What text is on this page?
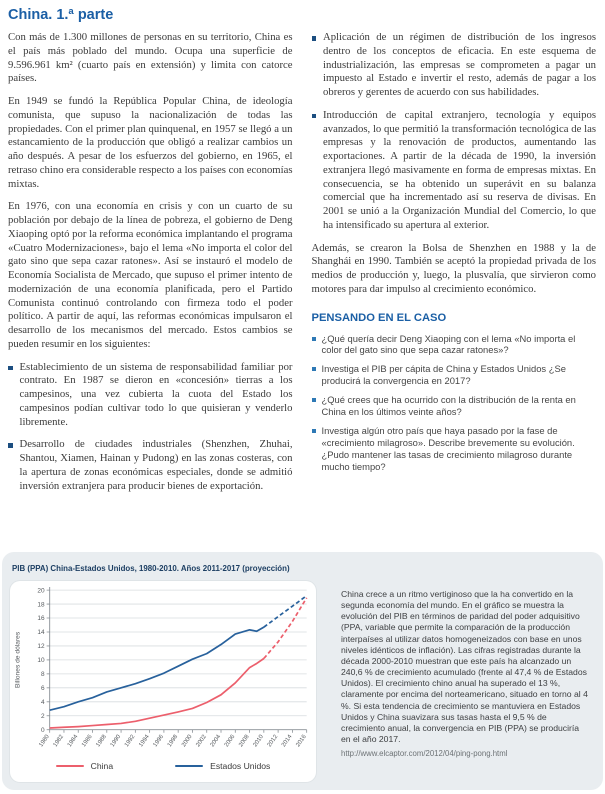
China. 1.ª parte

Con más de 1.300 millones de personas en su territorio, China es el país más poblado del mundo. Ocupa una superficie de 9.596.961 km² (cuarto país en extensión) y limita con catorce países.

En 1949 se fundó la República Popular China, de ideología comunista, que supuso la nacionalización de todas las propiedades. Con el primer plan quinquenal, en 1957 se llegó a un estancamiento de la producción que obligó a realizar cambios un año después. A pesar de los esfuerzos del gobierno, en 1965, el retraso chino era considerable respecto a los países con economías mixtas.

En 1976, con una economía en crisis y con un cuarto de su población por debajo de la línea de pobreza, el gobierno de Deng Xiaoping optó por la reforma económica implantando el programa «Cuatro Modernizaciones», bajo el lema «No importa el color del gato sino que sepa cazar ratones». Así se instauró el modelo de Economía Socialista de Mercado, que supuso el primer intento de modernización de una economía planificada, pero el Partido Comunista continuó controlando con firmeza todo el poder político. A partir de aquí, las reformas económicas impulsaron el desarrollo de los mecanismos del mercado. Estos cambios se pueden resumir en los siguientes:

Establecimiento de un sistema de responsabilidad familiar por contrato. En 1987 se dieron en «concesión» tierras a los campesinos, una vez cubierta la cuota del Estado los campesinos podían cultivar todo lo que quisieran y venderlo libremente.
Desarrollo de ciudades industriales (Shenzhen, Zhuhai, Shantou, Xiamen, Hainan y Pudong) en las zonas costeras, con la apertura de zonas económicas especiales, donde se admitió inversión extranjera para producir bienes de exportación.
Aplicación de un régimen de distribución de los ingresos dentro de los conceptos de eficacia. En este esquema de industrialización, las empresas se comprometen a pagar un impuesto al Estado e invertir el resto, además de pagar a los obreros y gerentes de acuerdo con sus habilidades.
Introducción de capital extranjero, tecnología y equipos avanzados, lo que permitió la transformación tecnológica de las empresas y la renovación de productos, aumentando las exportaciones. A partir de la década de 1990, la inversión extranjera llegó masivamente en forma de empresas mixtas. En consecuencia, se ha obtenido un superávit en su balanza comercial que ha incrementado así su reserva de divisas. En 2001 se unió a la Organización Mundial del Comercio, lo que ha intensificado su apertura al exterior.

Además, se crearon la Bolsa de Shenzhen en 1988 y la de Shanghái en 1990. También se aceptó la propiedad privada de los medios de producción y, luego, la plusvalía, que sirvieron como motores para dar impulso al crecimiento económico.

PENSANDO EN EL CASO
¿Qué quería decir Deng Xiaoping con el lema «No importa el color del gato sino que sepa cazar ratones»?
Investiga el PIB per cápita de China y Estados Unidos ¿Se producirá la convergencia en 2017?
¿Qué crees que ha ocurrido con la distribución de la renta en China en los últimos veinte años?
Investiga algún otro país que haya pasado por la fase de «crecimiento milagroso». Describe brevemente su evolución. ¿Pudo mantener las tasas de crecimiento milagroso durante mucho tiempo?
PIB (PPA) China-Estados Unidos, 1980-2010. Años 2011-2017 (proyección)
0
2
4
6
8
10
12
14
16
18
20
1980 1982 1984 1986 1988 1990 1992 1994 1996 1998 2000 2002 2004 2006 2008 2010 2012 2014 2016
Billones de dólares
China	Estados Unidos
China crece a un ritmo vertiginoso que la ha convertido en la segunda economía del mundo. En el gráfico se muestra la evolución del PIB en términos de paridad del poder adquisitivo (PPA, variable que permite la comparación de la producción interpaíses al utilizar datos homogeneizados con base en unos niveles idénticos de inflación). Las cifras registradas durante la década 2000-2010 muestran que este país ha alcanzado un 240,6 % de crecimiento acumulado (frente al 47,4 % de Estados Unidos). El crecimiento chino anual ha superado el 13 %, claramente por encima del norteamericano, situado en torno al 4 %. Si esta tendencia de crecimiento se mantuviera en Estados Unidos y China suavizara sus tasas hasta el 9,5 % de crecimiento anual, la convergencia en PIB (PPA) se produciría en el año 2017.
http://www.elcaptor.com/2012/04/ping-pong.html
